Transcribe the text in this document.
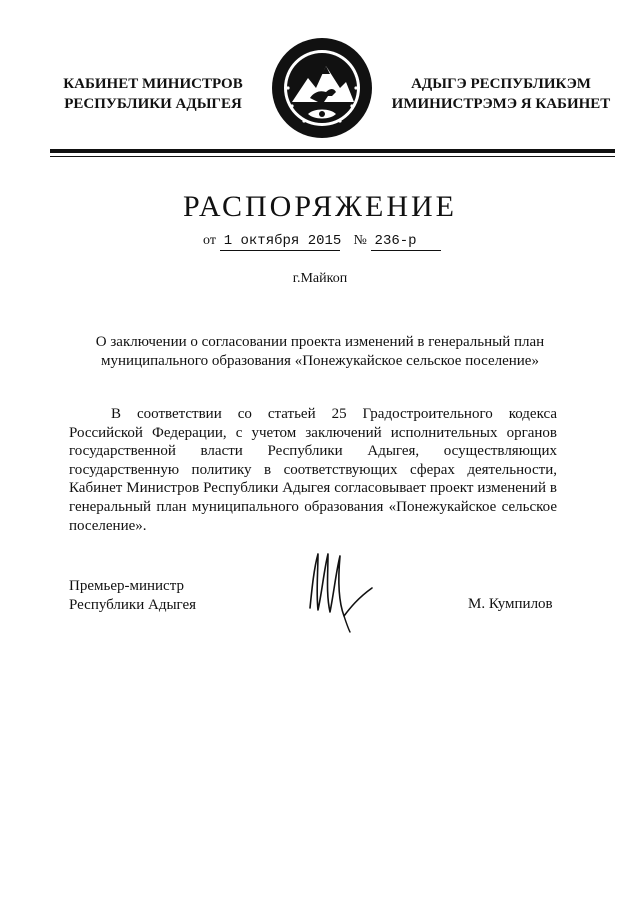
КАБИНЕТ МИНИСТРОВ
РЕСПУБЛИКИ АДЫГЕЯ
АДЫГЭ РЕСПУБЛИКЭМ
ИМИНИСТРЭМЭ Я КАБИНЕТ
РАСПОРЯЖЕНИЕ
от 1 октября 2015 № 236-р
г.Майкоп
О заключении о согласовании проекта изменений в генеральный план
муниципального образования «Понежукайское сельское поселение»

В соответствии со статьей 25 Градостроительного кодекса Российской Федерации, с учетом заключений исполнительных органов государственной власти Республики Адыгея, осуществляющих государственную политику в соответствующих сферах деятельности, Кабинет Министров Республики Адыгея согласовывает проект изменений в генеральный план муниципального образования «Понежукайское сельское поселение».

Премьер-министр
Республики Адыгея	М. Кумпилов
